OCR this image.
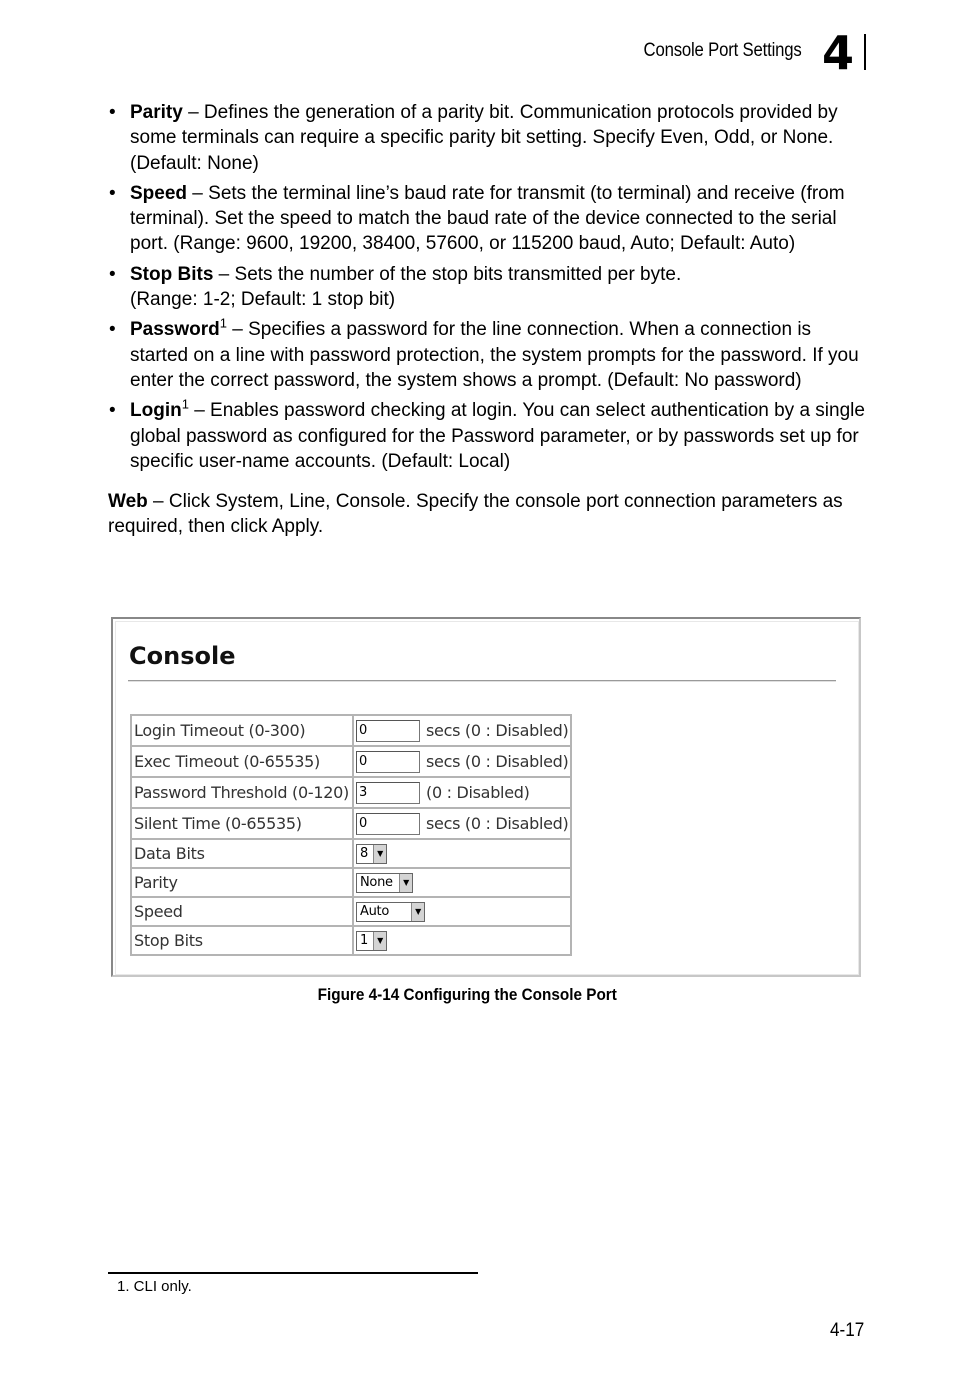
Console Port Settings 4
• Parity – Defines the generation of a parity bit. Communication protocols provided by some terminals can require a specific parity bit setting. Specify Even, Odd, or None. (Default: None)
• Speed – Sets the terminal line’s baud rate for transmit (to terminal) and receive (from terminal). Set the speed to match the baud rate of the device connected to the serial port. (Range: 9600, 19200, 38400, 57600, or 115200 baud, Auto; Default: Auto)
• Stop Bits – Sets the number of the stop bits transmitted per byte.
(Range: 1-2; Default: 1 stop bit)
• Password$^1$ – Specifies a password for the line connection. When a connection is started on a line with password protection, the system prompts for the password. If you enter the correct password, the system shows a prompt. (Default: No password)
• Login$^1$ – Enables password checking at login. You can select authentication by a single global password as configured for the Password parameter, or by passwords set up for specific user-name accounts. (Default: Local)

Web – Click System, Line, Console. Specify the console port connection parameters as required, then click Apply.

Console
Login Timeout (0-300)	0 secs (0 : Disabled)
Exec Timeout (0-65535)	0 secs (0 : Disabled)
Password Threshold (0-120)	3 (0 : Disabled)
Silent Time (0-65535)	0 secs (0 : Disabled)
Data Bits	8 ▼

Parity	None ▼

Speed	Auto ▼

Stop Bits	1 ▼
Figure 4-14 Configuring the Console Port
1. CLI only.
4-17
